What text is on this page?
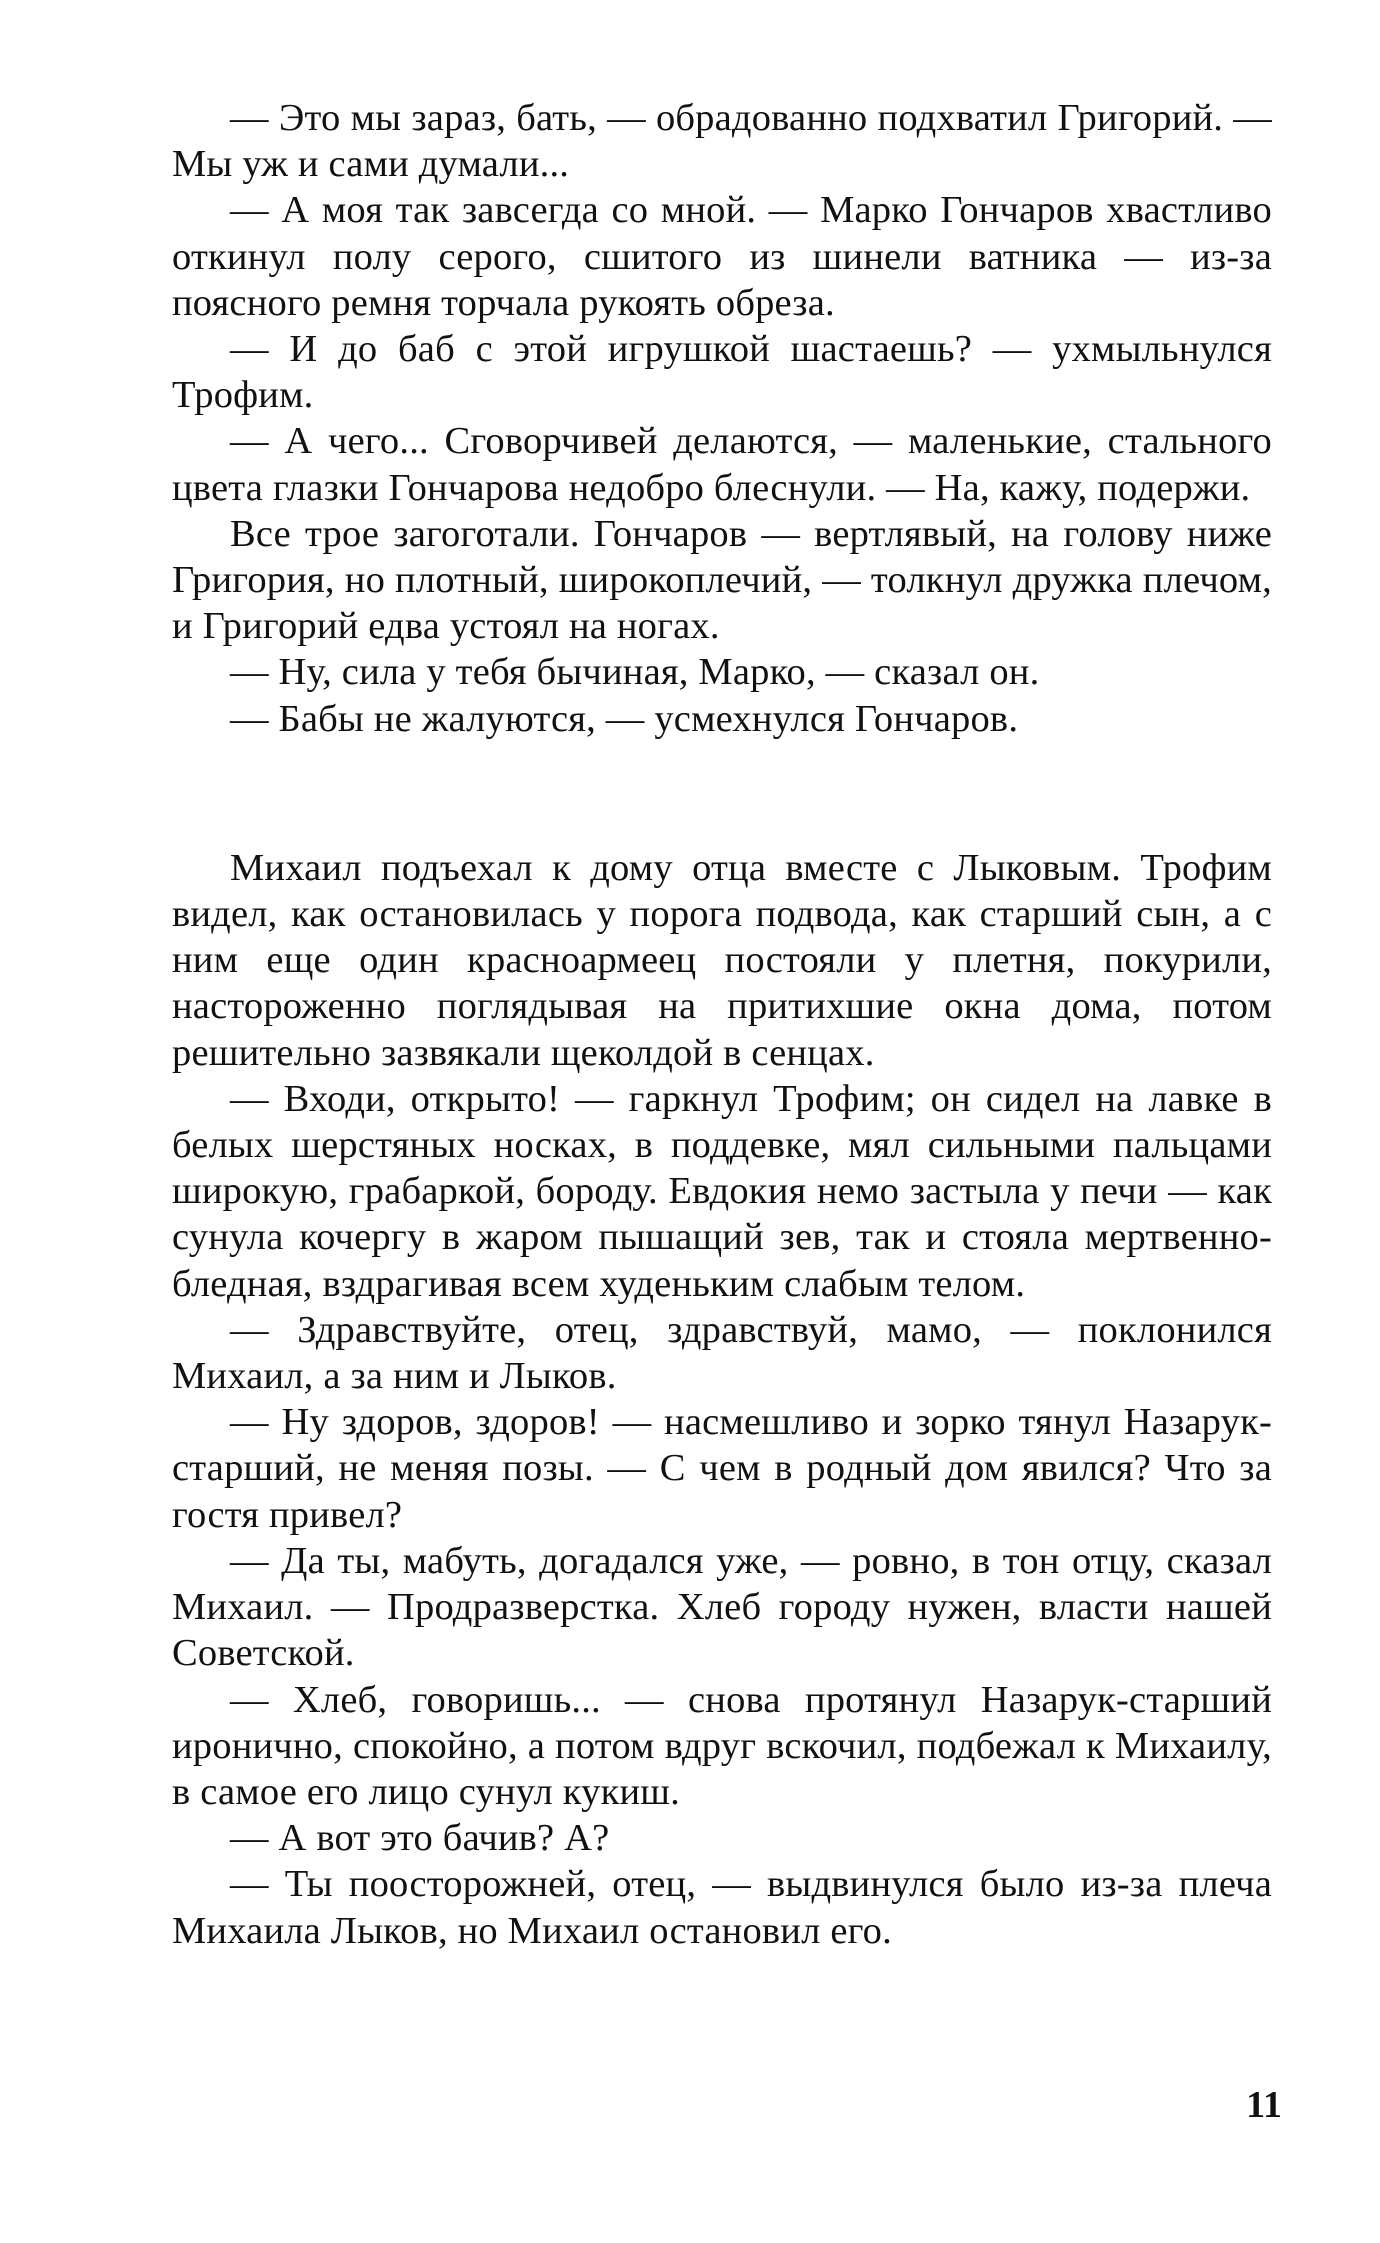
— Это мы зараз, бать, — обрадованно подхватил Григорий. — Мы уж и сами думали...

— А моя так завсегда со мной. — Марко Гончаров хвастливо откинул полу серого, сшитого из шинели ватника — из-за поясного ремня торчала рукоять обреза.

— И до баб с этой игрушкой шастаешь? — ухмыльнулся Трофим.

— А чего... Сговорчивей делаются, — маленькие, стального цвета глазки Гончарова недобро блеснули. — На, кажу, подержи.

Все трое загоготали. Гончаров — вертлявый, на голову ниже Григория, но плотный, широкоплечий, — толкнул дружка плечом, и Григорий едва устоял на ногах.

— Ну, сила у тебя бычиная, Марко, — сказал он.

— Бабы не жалуются, — усмехнулся Гончаров.

Михаил подъехал к дому отца вместе с Лыковым. Трофим видел, как остановилась у порога подвода, как старший сын, а с ним еще один красноармеец постояли у плетня, покурили, настороженно поглядывая на притихшие окна дома, потом решительно зазвякали щеколдой в сенцах.

— Входи, открыто! — гаркнул Трофим; он сидел на лавке в белых шерстяных носках, в поддевке, мял сильными пальцами широкую, грабаркой, бороду. Евдокия немо застыла у печи — как сунула кочергу в жаром пышащий зев, так и стояла мертвенно-бледная, вздрагивая всем худеньким слабым телом.

— Здравствуйте, отец, здравствуй, мамо, — поклонился Михаил, а за ним и Лыков.

— Ну здоров, здоров! — насмешливо и зорко тянул Назарук-старший, не меняя позы. — С чем в родный дом явился? Что за гостя привел?

— Да ты, мабуть, догадался уже, — ровно, в тон отцу, сказал Михаил. — Продразверстка. Хлеб городу нужен, власти нашей Советской.

— Хлеб, говоришь... — снова протянул Назарук-старший иронично, спокойно, а потом вдруг вскочил, подбежал к Михаилу, в самое его лицо сунул кукиш.

— А вот это бачив? А?

— Ты поосторожней, отец, — выдвинулся было из-за плеча Михаила Лыков, но Михаил остановил его.

11
